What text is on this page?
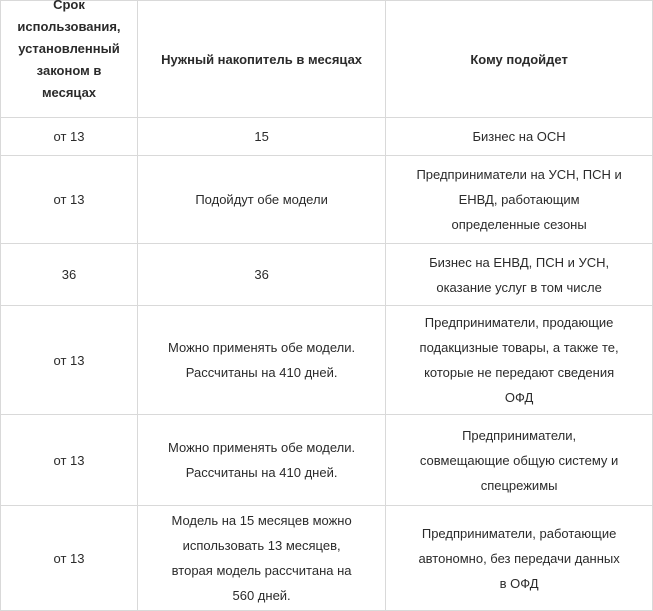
Срок
использования,
установленный
законом в
месяцах	Нужный накопитель в месяцах	Кому подойдет
от 13	15	Бизнес на ОСН
от 13	Подойдут обе модели	Предприниматели на УСН, ПСН и
ЕНВД, работающим
определенные сезоны
36	36	Бизнес на ЕНВД, ПСН и УСН,
оказание услуг в том числе
от 13	Можно применять обе модели.
Рассчитаны на 410 дней.	Предприниматели, продающие
подакцизные товары, а также те,
которые не передают сведения
ОФД
от 13	Можно применять обе модели.
Рассчитаны на 410 дней.	Предприниматели,
совмещающие общую систему и
спецрежимы
от 13	Модель на 15 месяцев можно
использовать 13 месяцев,
вторая модель рассчитана на
560 дней.	Предприниматели, работающие
автономно, без передачи данных
в ОФД
